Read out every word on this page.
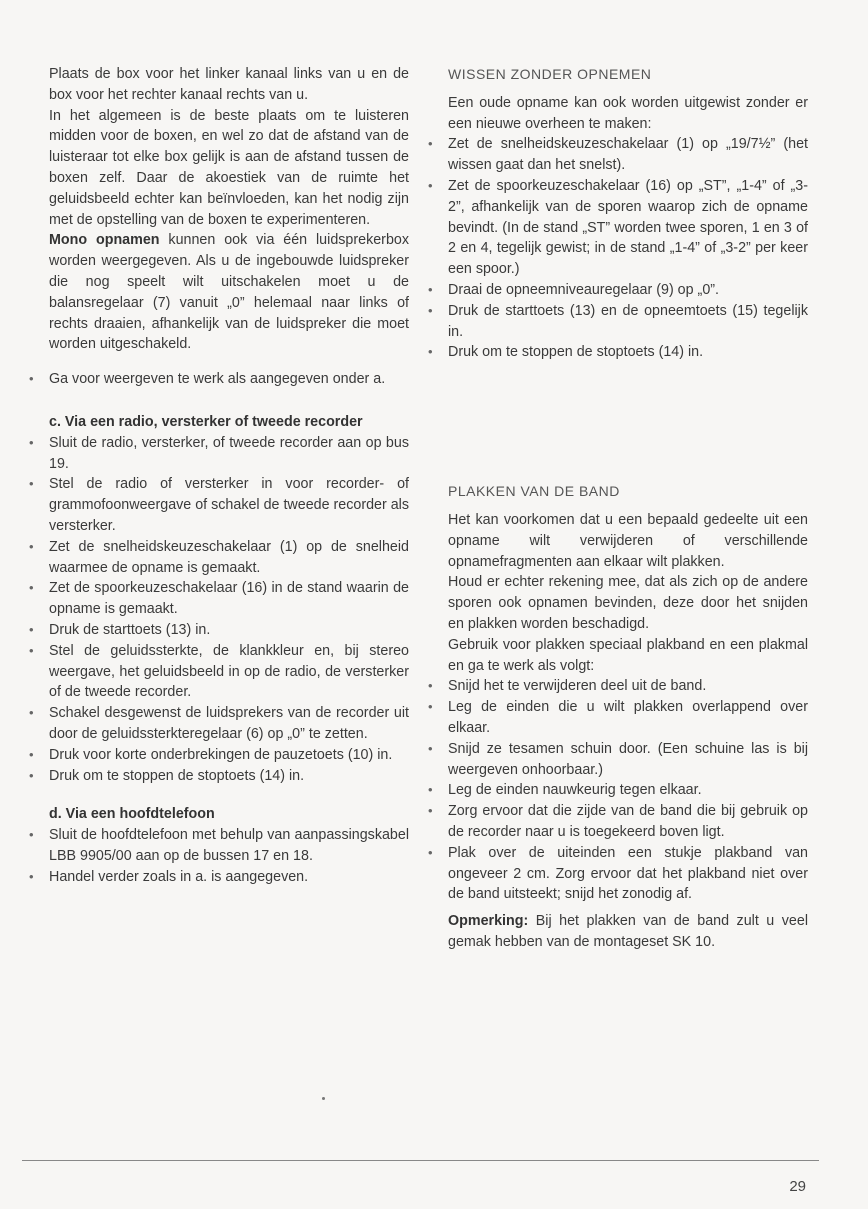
Plaats de box voor het linker kanaal links van u en de box voor het rechter kanaal rechts van u.

In het algemeen is de beste plaats om te luisteren midden voor de boxen, en wel zo dat de afstand van de luisteraar tot elke box gelijk is aan de afstand tussen de boxen zelf. Daar de akoestiek van de ruimte het geluidsbeeld echter kan beïnvloeden, kan het nodig zijn met de opstelling van de boxen te experimenteren.

Mono opnamen kunnen ook via één luidsprekerbox worden weergegeven. Als u de ingebouwde luidspreker die nog speelt wilt uitschakelen moet u de balansregelaar (7) vanuit „0” helemaal naar links of rechts draaien, afhankelijk van de luidspreker die moet worden uitgeschakeld.

• Ga voor weergeven te werk als aangegeven onder a.

c. Via een radio, versterker of tweede recorder

• Sluit de radio, versterker, of tweede recorder aan op bus 19.
• Stel de radio of versterker in voor recorder- of grammofoonweergave of schakel de tweede recorder als versterker.
• Zet de snelheidskeuzeschakelaar (1) op de snelheid waarmee de opname is gemaakt.
• Zet de spoorkeuzeschakelaar (16) in de stand waarin de opname is gemaakt.
• Druk de starttoets (13) in.
• Stel de geluidssterkte, de klankkleur en, bij stereo weergave, het geluidsbeeld in op de radio, de versterker of de tweede recorder.
• Schakel desgewenst de luidsprekers van de recorder uit door de geluidssterkteregelaar (6) op „0” te zetten.
• Druk voor korte onderbrekingen de pauzetoets (10) in.
• Druk om te stoppen de stoptoets (14) in.

d. Via een hoofdtelefoon

• Sluit de hoofdtelefoon met behulp van aanpassingskabel LBB 9905/00 aan op de bussen 17 en 18.
• Handel verder zoals in a. is aangegeven.

WISSEN ZONDER OPNEMEN

Een oude opname kan ook worden uitgewist zonder er een nieuwe overheen te maken:

• Zet de snelheidskeuzeschakelaar (1) op „19/7½” (het wissen gaat dan het snelst).
• Zet de spoorkeuzeschakelaar (16) op „ST”, „1-4” of „3-2”, afhankelijk van de sporen waarop zich de opname bevindt. (In de stand „ST” worden twee sporen, 1 en 3 of 2 en 4, tegelijk gewist; in de stand „1-4” of „3-2” per keer een spoor.)
• Draai de opneemniveauregelaar (9) op „0”.
• Druk de starttoets (13) en de opneemtoets (15) tegelijk in.
• Druk om te stoppen de stoptoets (14) in.

PLAKKEN VAN DE BAND

Het kan voorkomen dat u een bepaald gedeelte uit een opname wilt verwijderen of verschillende opnamefragmenten aan elkaar wilt plakken.

Houd er echter rekening mee, dat als zich op de andere sporen ook opnamen bevinden, deze door het snijden en plakken worden beschadigd.

Gebruik voor plakken speciaal plakband en een plakmal en ga te werk als volgt:

• Snijd het te verwijderen deel uit de band.
• Leg de einden die u wilt plakken overlappend over elkaar.
• Snijd ze tesamen schuin door. (Een schuine las is bij weergeven onhoorbaar.)
• Leg de einden nauwkeurig tegen elkaar.
• Zorg ervoor dat die zijde van de band die bij gebruik op de recorder naar u is toegekeerd boven ligt.
• Plak over de uiteinden een stukje plakband van ongeveer 2 cm. Zorg ervoor dat het plakband niet over de band uitsteekt; snijd het zonodig af.

Opmerking: Bij het plakken van de band zult u veel gemak hebben van de montageset SK 10.

29
